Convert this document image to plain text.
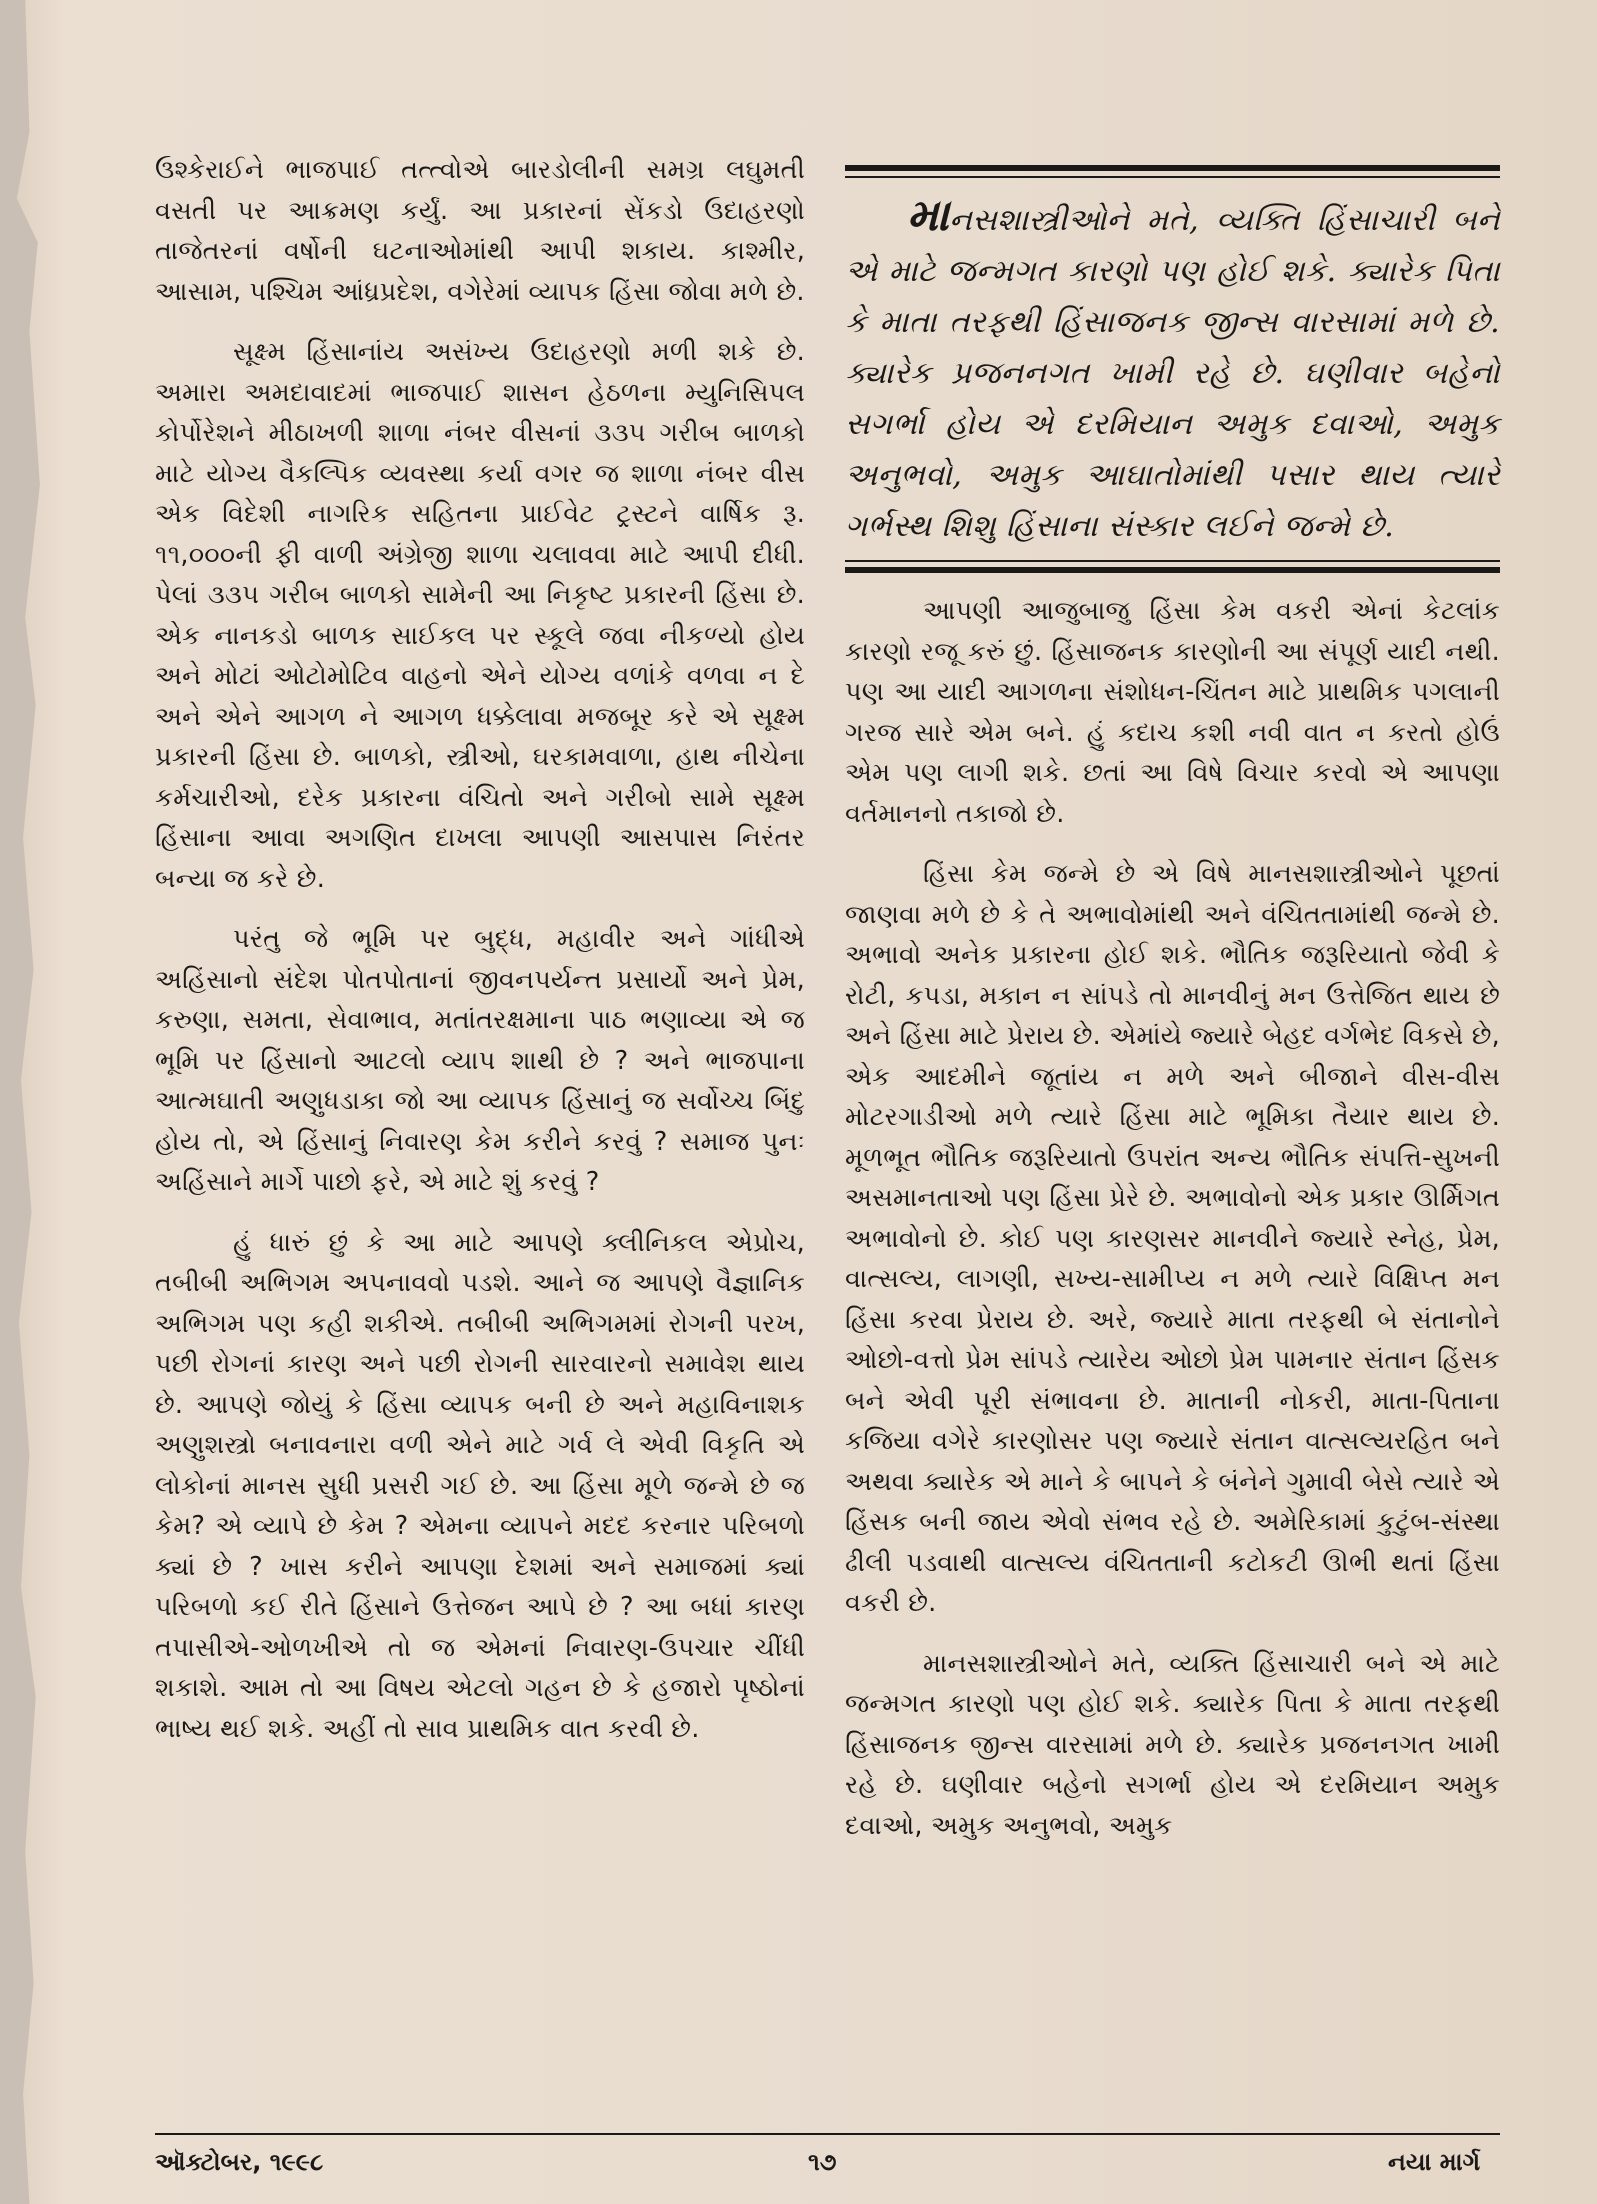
ઉશ્કેરાઈને ભાજપાઈ તત્ત્વોએ બારડોલીની સમગ્ર લઘુમતી વસતી પર આક્રમણ કર્યું. આ પ્રકારનાં સેંકડો ઉદાહરણો તાજેતરનાં વર્ષોની ઘટનાઓમાંથી આપી શકાય. કાશ્મીર, આસામ, પશ્ચિમ આંધ્રપ્રદેશ, વગેરેમાં વ્યાપક હિંસા જોવા મળે છે.

સૂક્ષ્મ હિંસાનાંય અસંખ્ય ઉદાહરણો મળી શકે છે. અમારા અમદાવાદમાં ભાજપાઈ શાસન હેઠળના મ્યુનિસિપલ કોર્પોરેશને મીઠાખળી શાળા નંબર વીસનાં ૩૩૫ ગરીબ બાળકો માટે યોગ્ય વૈકલ્પિક વ્યવસ્થા કર્યા વગર જ શાળા નંબર વીસ એક વિદેશી નાગરિક સહિતના પ્રાઈવેટ ટ્રસ્ટને વાર્ષિક રૂ. ૧૧,૦૦૦ની ફી વાળી અંગ્રેજી શાળા ચલાવવા માટે આપી દીધી. પેલાં ૩૩૫ ગરીબ બાળકો સામેની આ નિકૃષ્ટ પ્રકારની હિંસા છે. એક નાનકડો બાળક સાઈકલ પર સ્કૂલે જવા નીકળ્યો હોય અને મોટાં ઓટોમોટિવ વાહનો એને યોગ્ય વળાંકે વળવા ન દે અને એને આગળ ને આગળ ધક્કેલાવા મજબૂર કરે એ સૂક્ષ્મ પ્રકારની હિંસા છે. બાળકો, સ્ત્રીઓ, ઘરકામવાળા, હાથ નીચેના કર્મચારીઓ, દરેક પ્રકારના વંચિતો અને ગરીબો સામે સૂક્ષ્મ હિંસાના આવા અગણિત દાખલા આપણી આસપાસ નિરંતર બન્યા જ કરે છે.

પરંતુ જે ભૂમિ પર બુદ્ધ, મહાવીર અને ગાંધીએ અહિંસાનો સંદેશ પોતપોતાનાં જીવનપર્યન્ત પ્રસાર્યો અને પ્રેમ, કરુણા, સમતા, સેવાભાવ, મતાંતરક્ષમાના પાઠ ભણાવ્યા એ જ ભૂમિ પર હિંસાનો આટલો વ્યાપ શાથી છે ? અને ભાજપાના આત્મઘાતી અણુધડાકા જો આ વ્યાપક હિંસાનું જ સર્વોચ્ચ બિંદુ હોય તો, એ હિંસાનું નિવારણ કેમ કરીને કરવું ? સમાજ પુનઃ અહિંસાને માર્ગે પાછો ફરે, એ માટે શું કરવું ?

હું ધારું છું કે આ માટે આપણે ક્લીનિકલ એપ્રોચ, તબીબી અભિગમ અપનાવવો પડશે. આને જ આપણે વૈજ્ઞાનિક અભિગમ પણ કહી શકીએ. તબીબી અભિગમમાં રોગની પરખ, પછી રોગનાં કારણ અને પછી રોગની સારવારનો સમાવેશ થાય છે. આપણે જોયું કે હિંસા વ્યાપક બની છે અને મહાવિનાશક અણુશસ્ત્રો બનાવનારા વળી એને માટે ગર્વ લે એવી વિકૃતિ એ લોકોનાં માનસ સુધી પ્રસરી ગઈ છે. આ હિંસા મૂળે જન્મે છે જ કેમ? એ વ્યાપે છે કેમ ? એમના વ્યાપને મદદ કરનાર પરિબળો ક્યાં છે ? ખાસ કરીને આપણા દેશમાં અને સમાજમાં ક્યાં પરિબળો કઈ રીતે હિંસાને ઉત્તેજન આપે છે ? આ બધાં કારણ તપાસીએ-ઓળખીએ તો જ એમનાં નિવારણ-ઉપચાર ચીંધી શકાશે. આમ તો આ વિષય એટલો ગહન છે કે હજારો પૃષ્ઠોનાં ભાષ્ય થઈ શકે. અહીં તો સાવ પ્રાથમિક વાત કરવી છે.

માનસશાસ્ત્રીઓને મતે, વ્યક્તિ હિંસાચારી બને એ માટે જન્મગત કારણો પણ હોઈ શકે. ક્યારેક પિતા કે માતા તરફથી હિંસાજનક જીન્સ વારસામાં મળે છે. ક્યારેક પ્રજનનગત ખામી રહે છે. ઘણીવાર બહેનો સગર્ભા હોય એ દરમિયાન અમુક દવાઓ, અમુક અનુભવો, અમુક આઘાતોમાંથી પસાર થાય ત્યારે ગર્ભસ્થ શિશુ હિંસાના સંસ્કાર લઈને જન્મે છે.

આપણી આજુબાજુ હિંસા કેમ વકરી એનાં કેટલાંક કારણો રજૂ કરું છું. હિંસાજનક કારણોની આ સંપૂર્ણ યાદી નથી. પણ આ યાદી આગળના સંશોધન-ચિંતન માટે પ્રાથમિક પગલાની ગરજ સારે એમ બને. હું કદાચ કશી નવી વાત ન કરતો હોઉં એમ પણ લાગી શકે. છતાં આ વિષે વિચાર કરવો એ આપણા વર્તમાનનો તકાજો છે.

હિંસા કેમ જન્મે છે એ વિષે માનસશાસ્ત્રીઓને પૂછતાં જાણવા મળે છે કે તે અભાવોમાંથી અને વંચિતતામાંથી જન્મે છે. અભાવો અનેક પ્રકારના હોઈ શકે. ભૌતિક જરૂરિયાતો જેવી કે રોટી, કપડા, મકાન ન સાંપડે તો માનવીનું મન ઉત્તેજિત થાય છે અને હિંસા માટે પ્રેરાય છે. એમાંયે જ્યારે બેહદ વર્ગભેદ વિકસે છે, એક આદમીને જૂતાંય ન મળે અને બીજાને વીસ-વીસ મોટરગાડીઓ મળે ત્યારે હિંસા માટે ભૂમિકા તૈયાર થાય છે. મૂળભૂત ભૌતિક જરૂરિયાતો ઉપરાંત અન્ય ભૌતિક સંપત્તિ-સુખની અસમાનતાઓ પણ હિંસા પ્રેરે છે. અભાવોનો એક પ્રકાર ઊર્મિગત અભાવોનો છે. કોઈ પણ કારણસર માનવીને જ્યારે સ્નેહ, પ્રેમ, વાત્સલ્ય, લાગણી, સખ્ય-સામીપ્ય ન મળે ત્યારે વિક્ષિપ્ત મન હિંસા કરવા પ્રેરાય છે. અરે, જ્યારે માતા તરફથી બે સંતાનોને ઓછો-વત્તો પ્રેમ સાંપડે ત્યારેય ઓછો પ્રેમ પામનાર સંતાન હિંસક બને એવી પૂરી સંભાવના છે. માતાની નોકરી, માતા-પિતાના કજિયા વગેરે કારણોસર પણ જ્યારે સંતાન વાત્સલ્યરહિત બને અથવા ક્યારેક એ માને કે બાપને કે બંનેને ગુમાવી બેસે ત્યારે એ હિંસક બની જાય એવો સંભવ રહે છે. અમેરિકામાં કુટુંબ-સંસ્થા ઢીલી પડવાથી વાત્સલ્ય વંચિતતાની કટોકટી ઊભી થતાં હિંસા વકરી છે.

માનસશાસ્ત્રીઓને મતે, વ્યક્તિ હિંસાચારી બને એ માટે જન્મગત કારણો પણ હોઈ શકે. ક્યારેક પિતા કે માતા તરફથી હિંસાજનક જીન્સ વારસામાં મળે છે. ક્યારેક પ્રજનનગત ખામી રહે છે. ઘણીવાર બહેનો સગર્ભા હોય એ દરમિયાન અમુક દવાઓ, અમુક અનુભવો, અમુક

ઑક્ટોબર, ૧૯૯૮	૧૭	નયા માર્ગ
